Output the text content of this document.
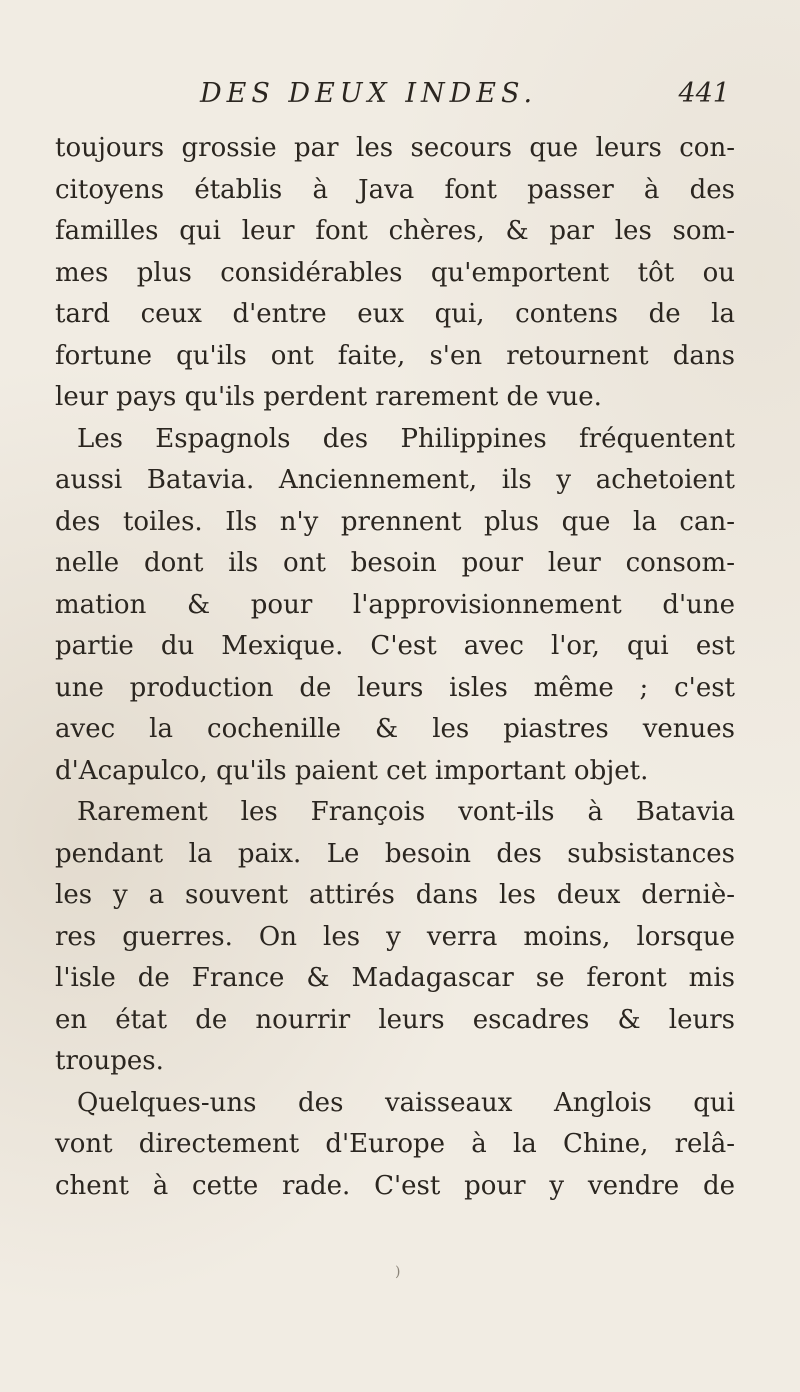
DES DEUX INDES.	441
toujours grossie par les secours que leurs con-
citoyens établis à Java font passer à des
familles qui leur font chères, & par les som-
mes plus considérables qu'emportent tôt ou
tard ceux d'entre eux qui, contens de la
fortune qu'ils ont faite, s'en retournent dans
leur pays qu'ils perdent rarement de vue.
Les Espagnols des Philippines fréquentent
aussi Batavia. Anciennement, ils y achetoient
des toiles. Ils n'y prennent plus que la can-
nelle dont ils ont besoin pour leur consom-
mation & pour l'approvisionnement d'une
partie du Mexique. C'est avec l'or, qui est
une production de leurs isles même ; c'est
avec la cochenille & les piastres venues
d'Acapulco, qu'ils paient cet important objet.
Rarement les François vont-ils à Batavia
pendant la paix. Le besoin des subsistances
les y a souvent attirés dans les deux derniè-
res guerres. On les y verra moins, lorsque
l'isle de France & Madagascar se feront mis
en état de nourrir leurs escadres & leurs
troupes.
Quelques-uns des vaisseaux Anglois qui
vont directement d'Europe à la Chine, relâ-
chent à cette rade. C'est pour y vendre de
)
